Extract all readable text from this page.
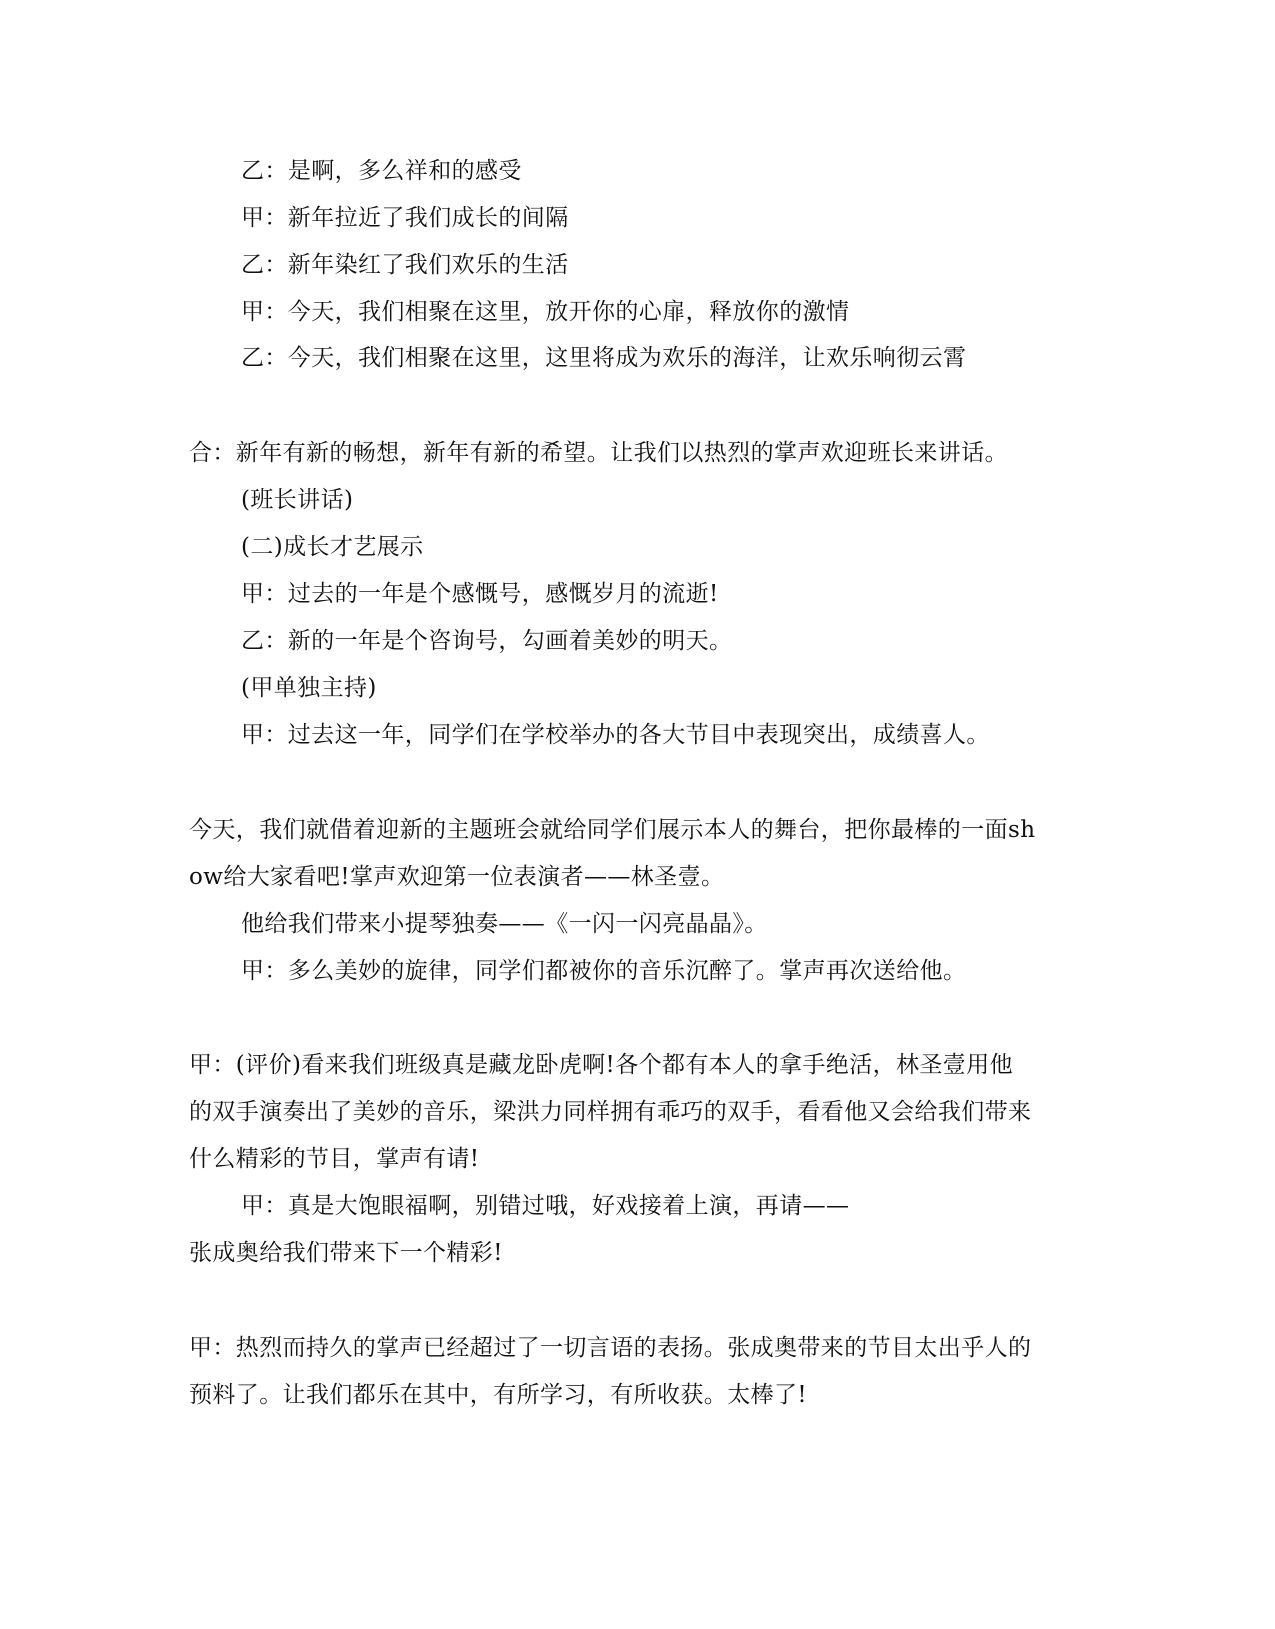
乙：是啊，多么祥和的感受
甲：新年拉近了我们成长的间隔
乙：新年染红了我们欢乐的生活
甲：今天，我们相聚在这里，放开你的心扉，释放你的激情
乙：今天，我们相聚在这里，这里将成为欢乐的海洋，让欢乐响彻云霄
合：新年有新的畅想，新年有新的希望。让我们以热烈的掌声欢迎班长来讲话。
(班长讲话)
(二)成长才艺展示
甲：过去的一年是个感慨号，感慨岁月的流逝!
乙：新的一年是个咨询号，勾画着美妙的明天。
(甲单独主持)
甲：过去这一年，同学们在学校举办的各大节目中表现突出，成绩喜人。
今天，我们就借着迎新的主题班会就给同学们展示本人的舞台，把你最棒的一面sh
ow给大家看吧!掌声欢迎第一位表演者——林圣壹。
他给我们带来小提琴独奏——《一闪一闪亮晶晶》。
甲：多么美妙的旋律，同学们都被你的音乐沉醉了。掌声再次送给他。
甲：(评价)看来我们班级真是藏龙卧虎啊!各个都有本人的拿手绝活，林圣壹用他
的双手演奏出了美妙的音乐，梁洪力同样拥有乖巧的双手，看看他又会给我们带来
什么精彩的节目，掌声有请!
甲：真是大饱眼福啊，别错过哦，好戏接着上演，再请——
张成奥给我们带来下一个精彩!
甲：热烈而持久的掌声已经超过了一切言语的表扬。张成奥带来的节目太出乎人的
预料了。让我们都乐在其中，有所学习，有所收获。太棒了!
